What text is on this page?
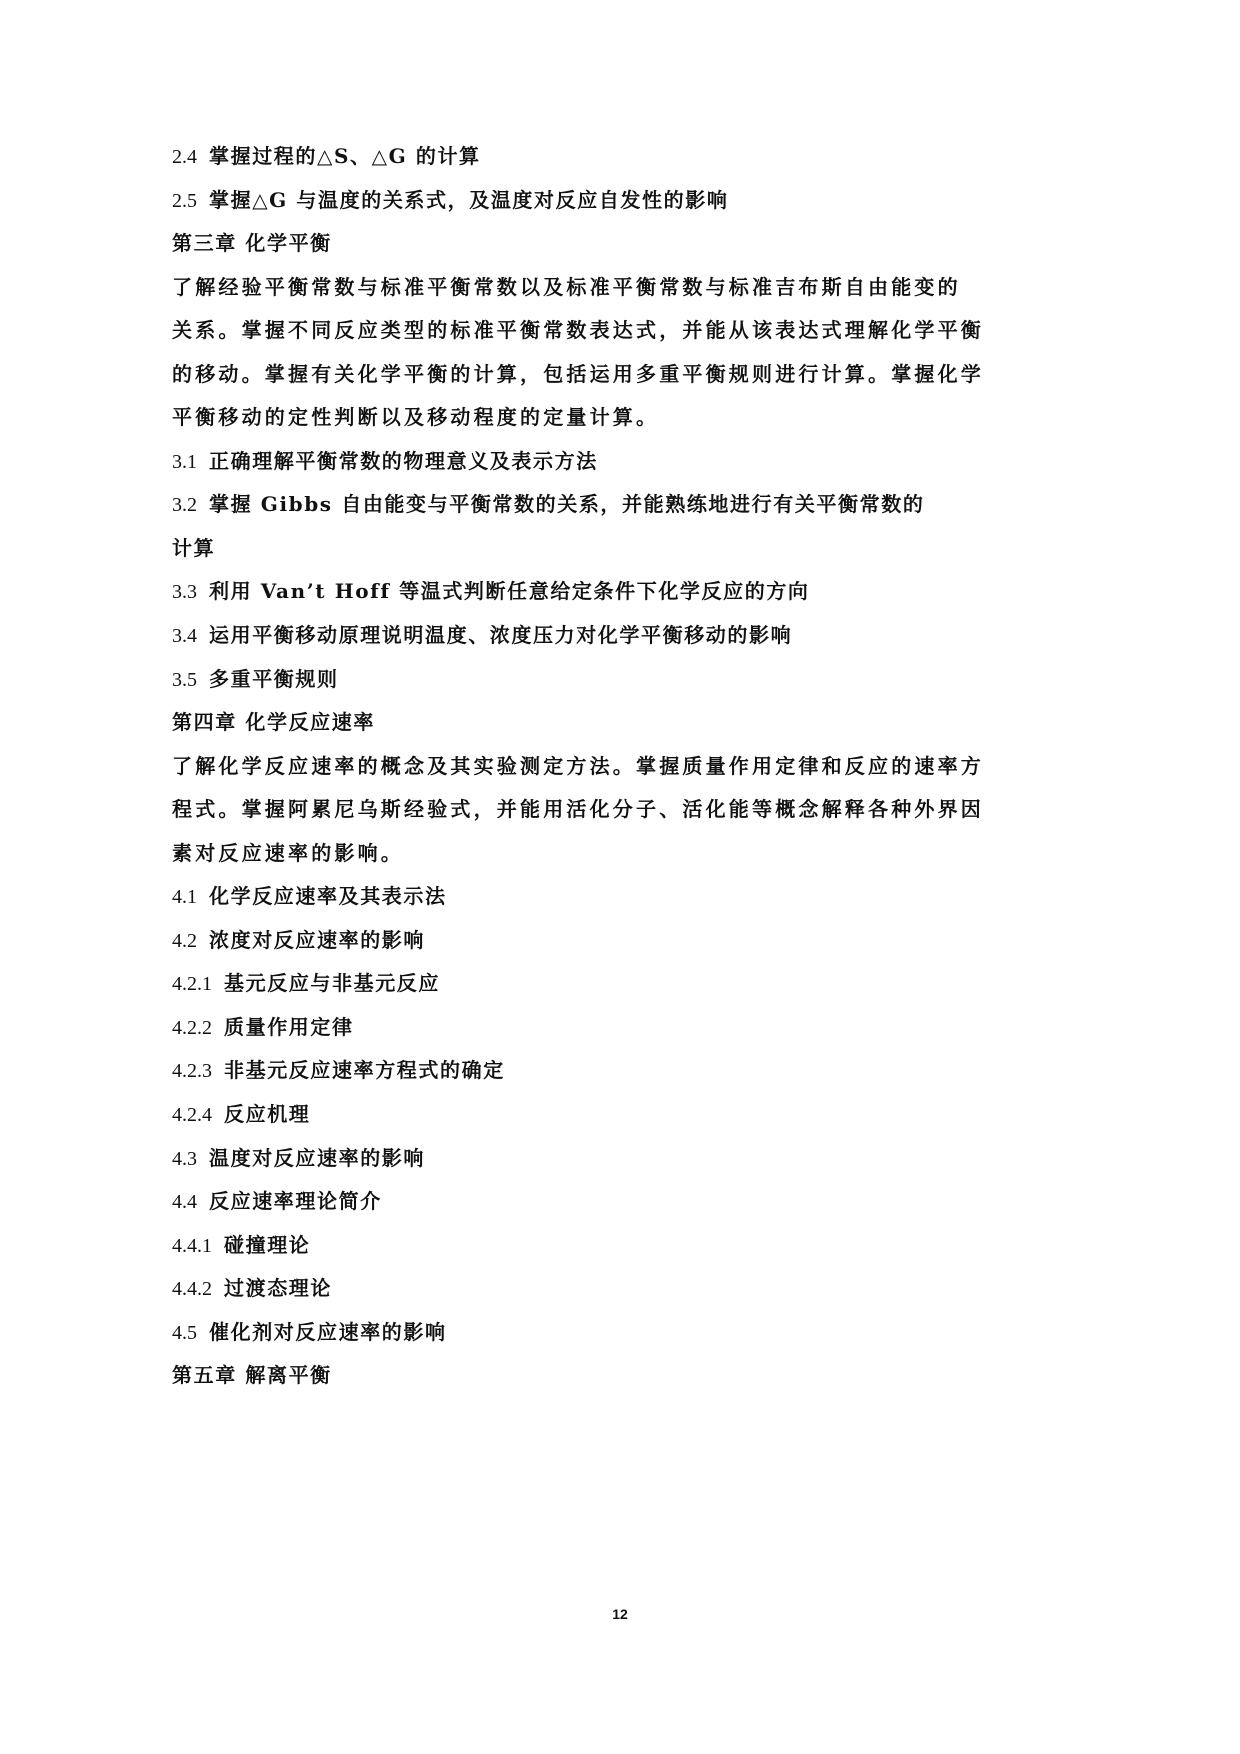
2.4 掌握过程的△S、△G 的计算
2.5 掌握△G 与温度的关系式，及温度对反应自发性的影响
第三章 化学平衡
了解经验平衡常数与标准平衡常数以及标准平衡常数与标准吉布斯自由能变的
关系。掌握不同反应类型的标准平衡常数表达式，并能从该表达式理解化学平衡
的移动。掌握有关化学平衡的计算，包括运用多重平衡规则进行计算。掌握化学
平衡移动的定性判断以及移动程度的定量计算。
3.1 正确理解平衡常数的物理意义及表示方法
3.2 掌握 Gibbs 自由能变与平衡常数的关系，并能熟练地进行有关平衡常数的
计算
3.3 利用 Van’t Hoff 等温式判断任意给定条件下化学反应的方向
3.4 运用平衡移动原理说明温度、浓度压力对化学平衡移动的影响
3.5 多重平衡规则
第四章 化学反应速率
了解化学反应速率的概念及其实验测定方法。掌握质量作用定律和反应的速率方
程式。掌握阿累尼乌斯经验式，并能用活化分子、活化能等概念解释各种外界因
素对反应速率的影响。
4.1 化学反应速率及其表示法
4.2 浓度对反应速率的影响
4.2.1 基元反应与非基元反应
4.2.2 质量作用定律
4.2.3 非基元反应速率方程式的确定
4.2.4 反应机理
4.3 温度对反应速率的影响
4.4 反应速率理论简介
4.4.1 碰撞理论
4.4.2 过渡态理论
4.5 催化剂对反应速率的影响
第五章 解离平衡
12
